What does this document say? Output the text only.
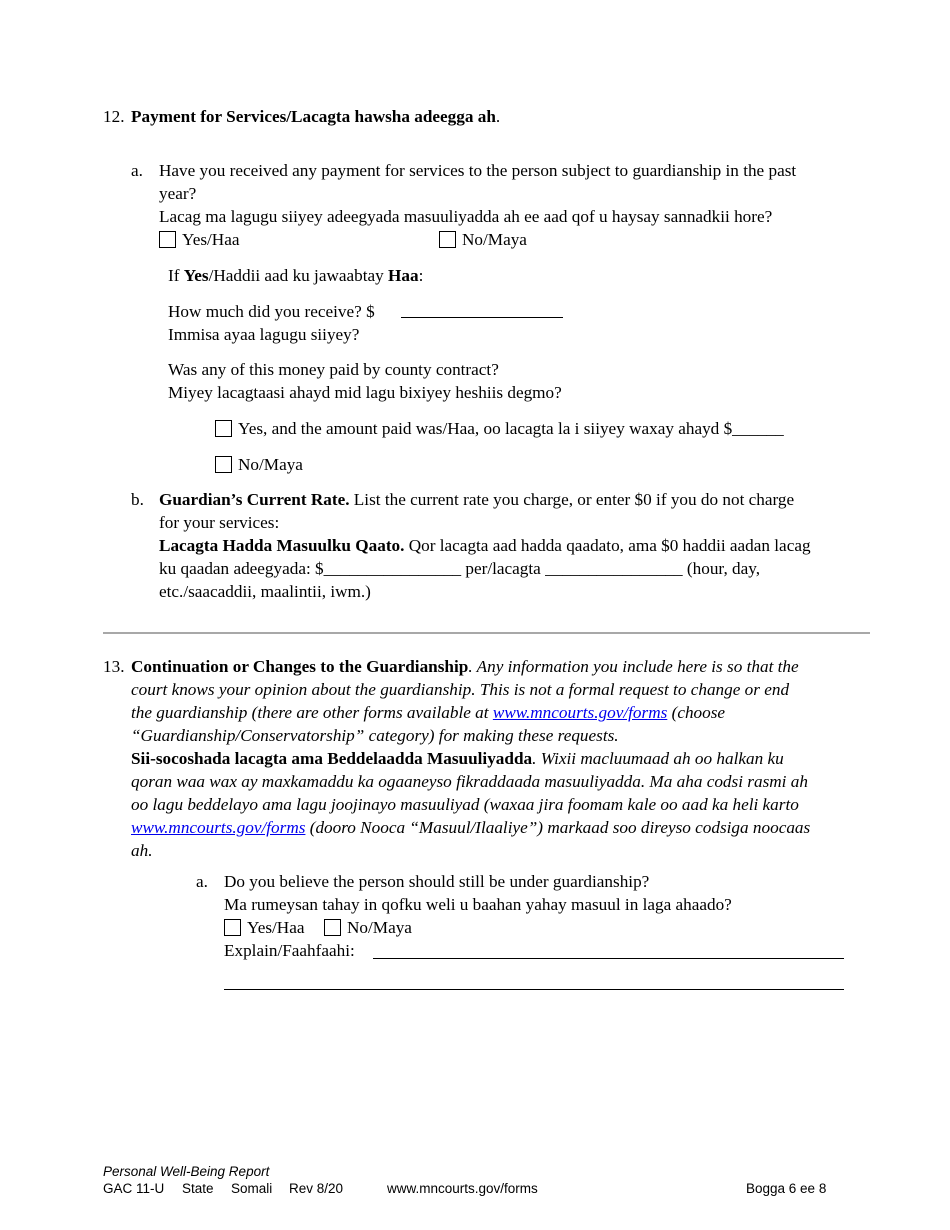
12. Payment for Services/Lacagta hawsha adeegga ah.
a. Have you received any payment for services to the person subject to guardianship in the past
year?
Lacag ma lagugu siiyey adeegyada masuuliyadda ah ee aad qof u haysay sannadkii hore?
Yes/Haa	No/Maya
If Yes/Haddii aad ku jawaabtay Haa:
How much did you receive? $
Immisa ayaa lagugu siiyey?
Was any of this money paid by county contract?
Miyey lacagtaasi ahayd mid lagu bixiyey heshiis degmo?
Yes, and the amount paid was/Haa, oo lacagta la i siiyey waxay ahayd $______
No/Maya
b. Guardian’s Current Rate. List the current rate you charge, or enter $0 if you do not charge
for your services:
Lacagta Hadda Masuulku Qaato. Qor lacagta aad hadda qaadato, ama $0 haddii aadan lacag
ku qaadan adeegyada: $________________ per/lacagta ________________ (hour, day,
etc./saacaddii, maalintii, iwm.)
13. Continuation or Changes to the Guardianship. Any information you include here is so that the
court knows your opinion about the guardianship. This is not a formal request to change or end
the guardianship (there are other forms available at www.mncourts.gov/forms (choose
“Guardianship/Conservatorship” category) for making these requests.
Sii-socoshada lacagta ama Beddelaadda Masuuliyadda. Wixii macluumaad ah oo halkan ku
qoran waa wax ay maxkamaddu ka ogaaneyso fikraddaada masuuliyadda. Ma aha codsi rasmi ah
oo lagu beddelayo ama lagu joojinayo masuuliyad (waxaa jira foomam kale oo aad ka heli karto
www.mncourts.gov/forms (dooro Nooca “Masuul/Ilaaliye”) markaad soo direyso codsiga noocaas
ah.
a. Do you believe the person should still be under guardianship?
Ma rumeysan tahay in qofku weli u baahan yahay masuul in laga ahaado?
Yes/Haa	No/Maya
Explain/Faahfaahi:
Personal Well-Being Report
GAC 11-U State Somali Rev 8/20	www.mncourts.gov/forms	Bogga 6 ee 8
